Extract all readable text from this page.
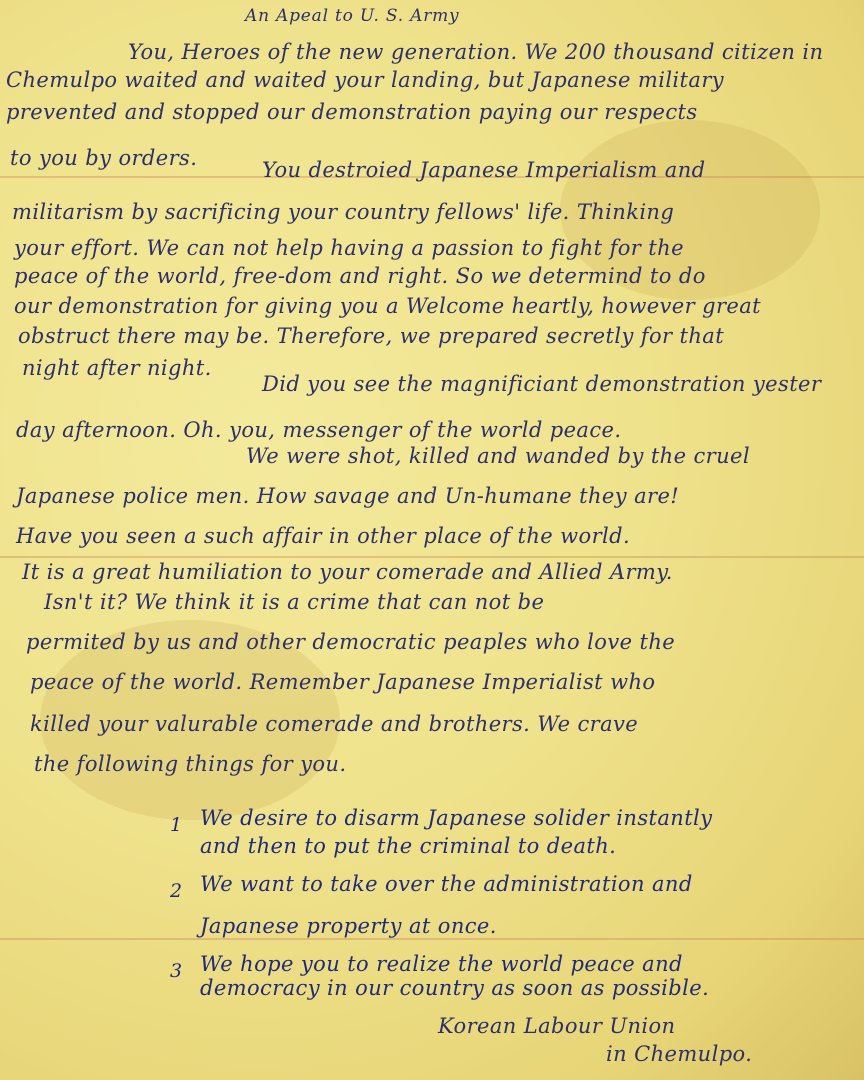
An Apeal to U. S. Army
You, Heroes of the new generation. We 200 thousand citizen in
Chemulpo waited and waited your landing, but Japanese military
prevented and stopped our demonstration paying our respects
to you by orders.	You destroied Japanese Imperialism and
militarism by sacrificing your country fellows' life. Thinking
your effort. We can not help having a passion to fight for the
peace of the world, free-dom and right. So we determind to do
our demonstration for giving you a Welcome heartly, however great
obstruct there may be. Therefore, we prepared secretly for that
night after night.
Did you see the magnificiant demonstration yester
day afternoon. Oh. you, messenger of the world peace.
We were shot, killed and wanded by the cruel
Japanese police men. How savage and Un-humane they are!
Have you seen a such affair in other place of the world.
It is a great humiliation to your comerade and Allied Army.
Isn't it? We think it is a crime that can not be
permited by us and other democratic peaples who love the
peace of the world. Remember Japanese Imperialist who
killed your valurable comerade and brothers. We crave
the following things for you.
1 We desire to disarm Japanese solider instantly
and then to put the criminal to death.
2 We want to take over the administration and
Japanese property at once.
3 We hope you to realize the world peace and
democracy in our country as soon as possible.
Korean Labour Union
in Chemulpo.
